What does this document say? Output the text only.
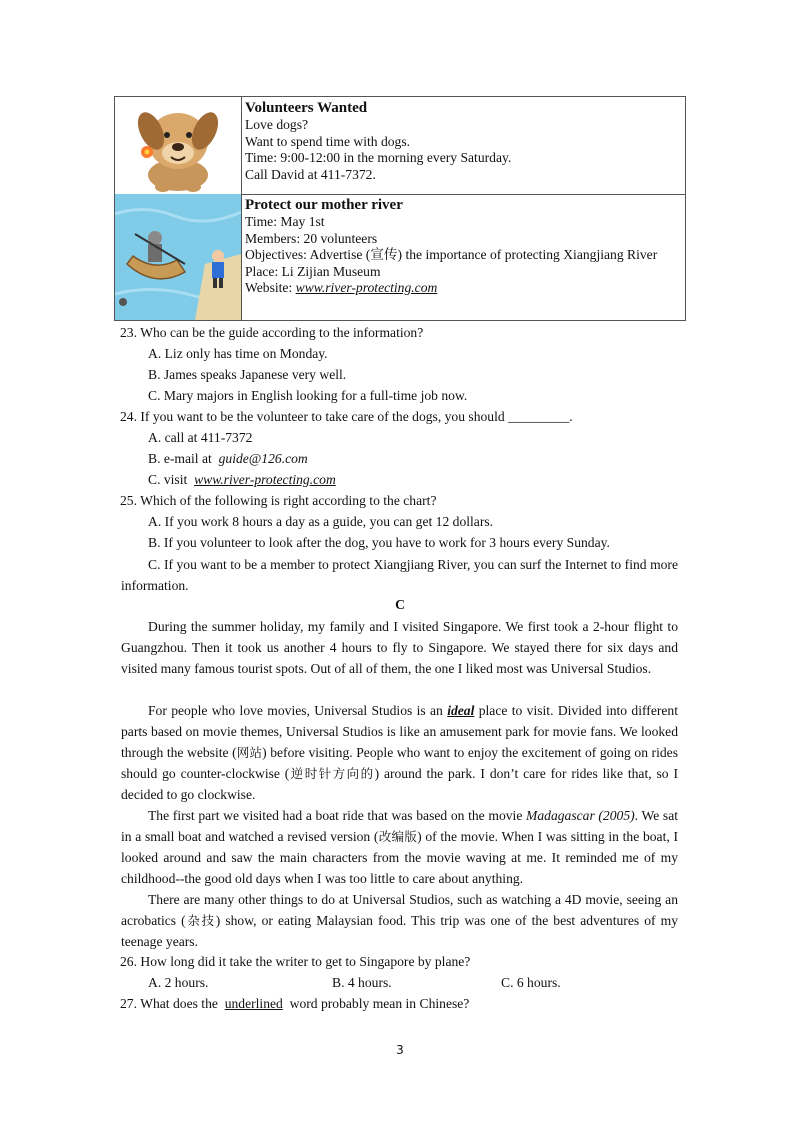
Volunteers Wanted
Love dogs?
Want to spend time with dogs.
Time: 9:00-12:00 in the morning every Saturday.
Call David at 411-7372.
Protect our mother river
Time: May 1st
Members: 20 volunteers
Objectives: Advertise (宣传) the importance of protecting Xiangjiang River
Place: Li Zijian Museum
Website: www.river-protecting.com
23. Who can be the guide according to the information?
A. Liz only has time on Monday.
B. James speaks Japanese very well.
C. Mary majors in English looking for a full-time job now.
24. If you want to be the volunteer to take care of the dogs, you should _________.
A. call at 411-7372
B. e-mail at guide@126.com
C. visit www.river-protecting.com
25. Which of the following is right according to the chart?
A. If you work 8 hours a day as a guide, you can get 12 dollars.
B. If you volunteer to look after the dog, you have to work for 3 hours every Sunday.
C. If you want to be a member to protect Xiangjiang River, you can surf the Internet to find more information.
C
During the summer holiday, my family and I visited Singapore. We first took a 2-hour flight to Guangzhou. Then it took us another 4 hours to fly to Singapore. We stayed there for six days and visited many famous tourist spots. Out of all of them, the one I liked most was Universal Studios.
For people who love movies, Universal Studios is an ideal place to visit. Divided into different parts based on movie themes, Universal Studios is like an amusement park for movie fans. We looked through the website (网站) before visiting. People who want to enjoy the excitement of going on rides should go counter-clockwise (逆时针方向的) around the park. I don’t care for rides like that, so I decided to go clockwise.
The first part we visited had a boat ride that was based on the movie Madagascar (2005). We sat in a small boat and watched a revised version (改编版) of the movie. When I was sitting in the boat, I looked around and saw the main characters from the movie waving at me. It reminded me of my childhood--the good old days when I was too little to care about anything.
There are many other things to do at Universal Studios, such as watching a 4D movie, seeing an acrobatics (杂技) show, or eating Malaysian food. This trip was one of the best adventures of my teenage years.
26. How long did it take the writer to get to Singapore by plane?
A. 2 hours.	B. 4 hours.	C. 6 hours.
27. What does the underlined word probably mean in Chinese?
3
